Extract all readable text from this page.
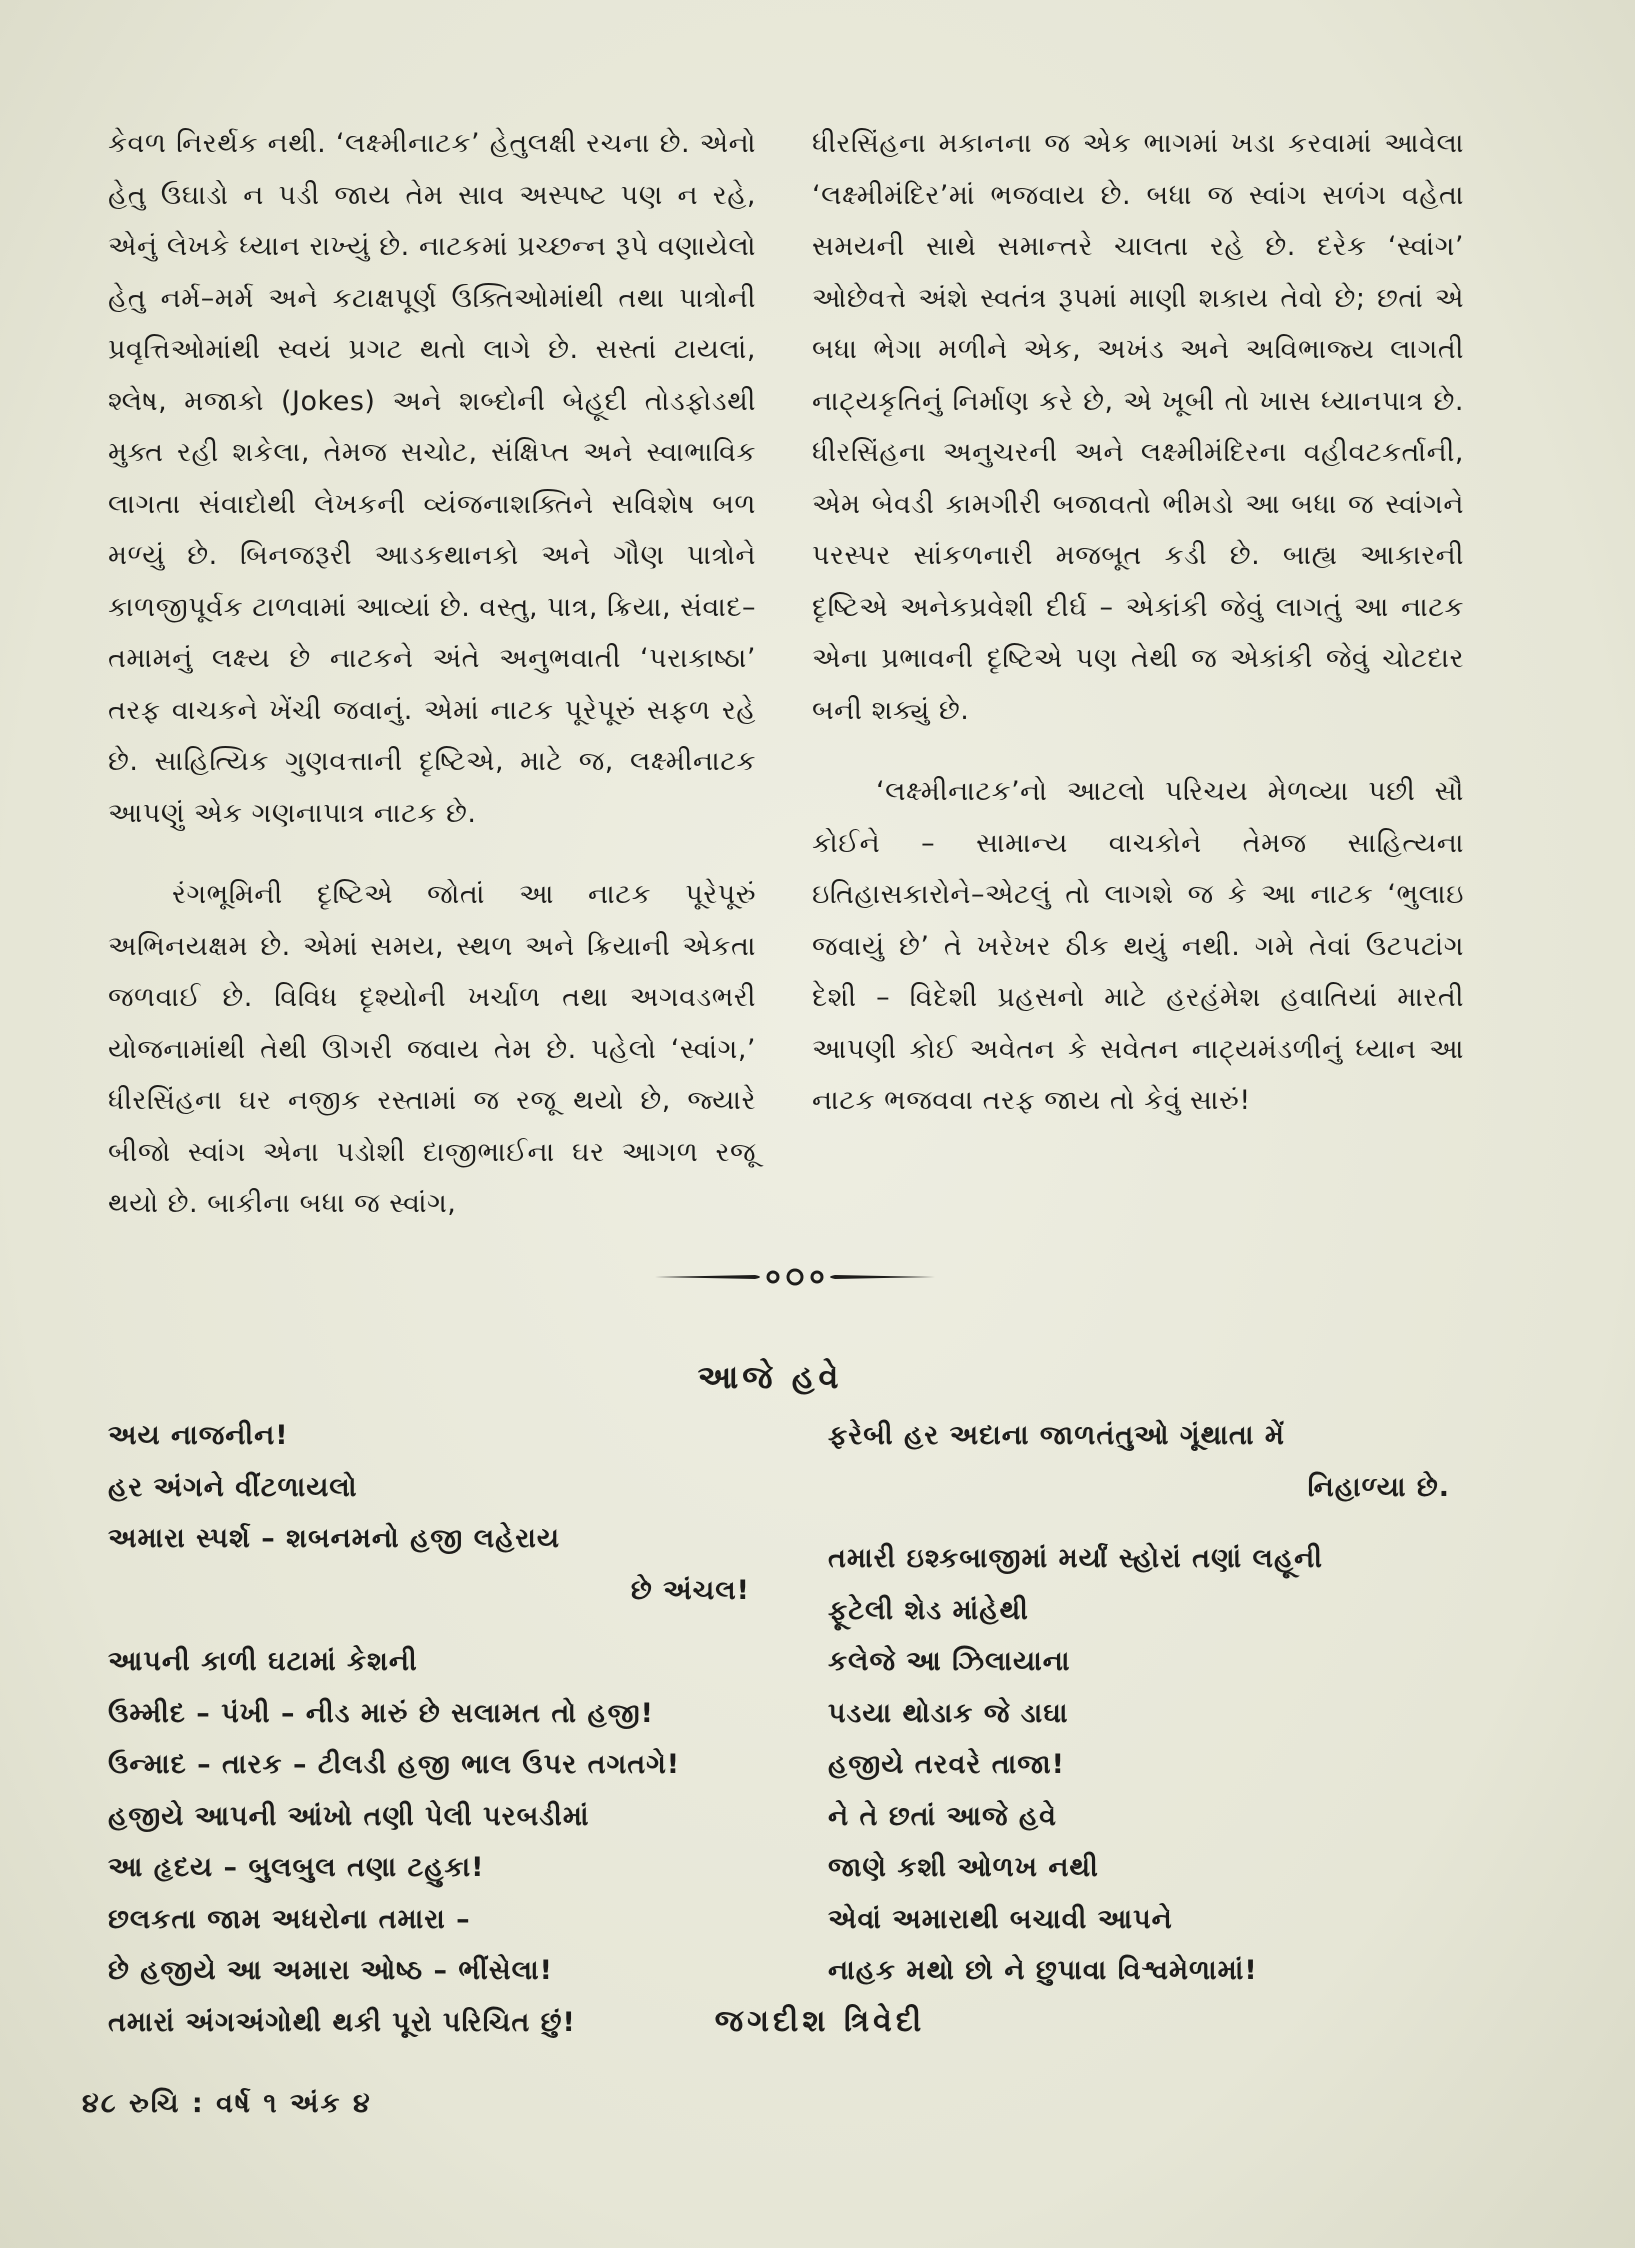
કેવળ નિરર્થક નથી. ‘લક્ષ્મીનાટક’ હેતુલક્ષી રચના છે. એનો હેતુ ઉઘાડો ન પડી જાય તેમ સાવ અસ્પષ્ટ પણ ન રહે, એનું લેખકે ધ્યાન રાખ્યું છે. નાટકમાં પ્રચ્છન્ન રૂપે વણાયેલો હેતુ નર્મ–મર્મ અને કટાક્ષપૂર્ણ ઉક્તિઓમાંથી તથા પાત્રોની પ્રવૃત્તિઓમાંથી સ્વયં પ્રગટ થતો લાગે છે. સસ્તાં ટાયલાં, શ્લેષ, મજાકો (Jokes) અને શબ્દોની બેહૂદી તોડફોડથી મુક્ત રહી શકેલા, તેમજ સચોટ, સંક્ષિપ્ત અને સ્વાભાવિક લાગતા સંવાદોથી લેખકની વ્યંજનાશક્તિને સવિશેષ બળ મળ્યું છે. બિનજરૂરી આડકથાનકો અને ગૌણ પાત્રોને કાળજીપૂર્વક ટાળવામાં આવ્યાં છે. વસ્તુ, પાત્ર, ક્રિયા, સંવાદ–તમામનું લક્ષ્ય છે નાટકને અંતે અનુભવાતી ‘પરાકાષ્ઠા’ તરફ વાચકને ખેંચી જવાનું. એમાં નાટક પૂરેપૂરું સફળ રહે છે. સાહિત્યિક ગુણવત્તાની દૃષ્ટિએ, માટે જ, લક્ષ્મીનાટક આપણું એક ગણનાપાત્ર નાટક છે.

રંગભૂમિની દૃષ્ટિએ જોતાં આ નાટક પૂરેપૂરું અભિનયક્ષમ છે. એમાં સમય, સ્થળ અને ક્રિયાની એકતા જળવાઈ છે. વિવિધ દૃશ્યોની ખર્ચાળ તથા અગવડભરી યોજનામાંથી તેથી ઊગરી જવાય તેમ છે. પહેલો ‘સ્વાંગ,’ ધીરસિંહના ઘર નજીક રસ્તામાં જ રજૂ થયો છે, જ્યારે બીજો સ્વાંગ એના પડોશી દાજીભાઈના ઘર આગળ રજૂ થયો છે. બાકીના બધા જ સ્વાંગ,

ધીરસિંહના મકાનના જ એક ભાગમાં ખડા કરવામાં આવેલા ‘લક્ષ્મીમંદિર’માં ભજવાય છે. બધા જ સ્વાંગ સળંગ વહેતા સમયની સાથે સમાન્તરે ચાલતા રહે છે. દરેક ‘સ્વાંગ’ ઓછેવત્તે અંશે સ્વતંત્ર રૂપમાં માણી શકાય તેવો છે; છતાં એ બધા ભેગા મળીને એક, અખંડ અને અવિભાજ્ય લાગતી નાટ્યકૃતિનું નિર્માણ કરે છે, એ ખૂબી તો ખાસ ધ્યાનપાત્ર છે. ધીરસિંહના અનુચરની અને લક્ષ્મીમંદિરના વહીવટકર્તાની, એમ બેવડી કામગીરી બજાવતો ભીમડો આ બધા જ સ્વાંગને પરસ્પર સાંકળનારી મજબૂત કડી છે. બાહ્ય આકારની દૃષ્ટિએ અનેકપ્રવેશી દીર્ઘ – એકાંકી જેવું લાગતું આ નાટક એના પ્રભાવની દૃષ્ટિએ પણ તેથી જ એકાંકી જેવું ચોટદાર બની શક્યું છે.

‘લક્ષ્મીનાટક’નો આટલો પરિચય મેળવ્યા પછી સૌ કોઈને – સામાન્ય વાચકોને તેમજ સાહિત્યના ઇતિહાસકારોને–એટલું તો લાગશે જ કે આ નાટક ‘ભુલાઇ જવાયું છે’ તે ખરેખર ઠીક થયું નથી. ગમે તેવાં ઉટપટાંગ દેશી – વિદેશી પ્રહસનો માટે હરહંમેશ હવાતિયાં મારતી આપણી કોઈ અવેતન કે સવેતન નાટ્યમંડળીનું ધ્યાન આ નાટક ભજવવા તરફ જાય તો કેવું સારું!

આજે હવે
અય નાજનીન!
હર અંગને વીંટળાયલો
અમારા સ્પર્શ – શબનમનો હજી લહેરાય
છે અંચલ!
આપની કાળી ઘટામાં કેશની
ઉમ્મીદ – પંખી – નીડ મારું છે સલામત તો હજી!
ઉન્માદ – તારક – ટીલડી હજી ભાલ ઉપર તગતગે!
હજીયે આપની આંખો તણી પેલી પરબડીમાં
આ હૃદય – બુલબુલ તણા ટહુકા!
છલકતા જામ અધરોના તમારા –
છે હજીયે આ અમારા ઓષ્ઠ – ભીંસેલા!
તમારાં અંગઅંગોથી થકી પૂરો પરિચિત છું!
ફરેબી હર અદાના જાળતંતુઓ ગૂંથાતા મેં
નિહાળ્યા છે.
તમારી ઇશ્કબાજીમાં મર્યાં સ્હોરાં તણાં લહૂની
ફૂટેલી શેડ માંહેથી
કલેજે આ ઝિલાયાના
પડયા થોડાક જે ડાઘા
હજીયે તરવરે તાજા!
ને તે છતાં આજે હવે
જાણે કશી ઓળખ નથી
એવાં અમારાથી બચાવી આપને
નાહક મથો છો ને છુપાવા વિશ્વમેળામાં!
જગદીશ ત્રિવેદી
૪૮ રુચિ : વર્ષ ૧ અંક ૪
